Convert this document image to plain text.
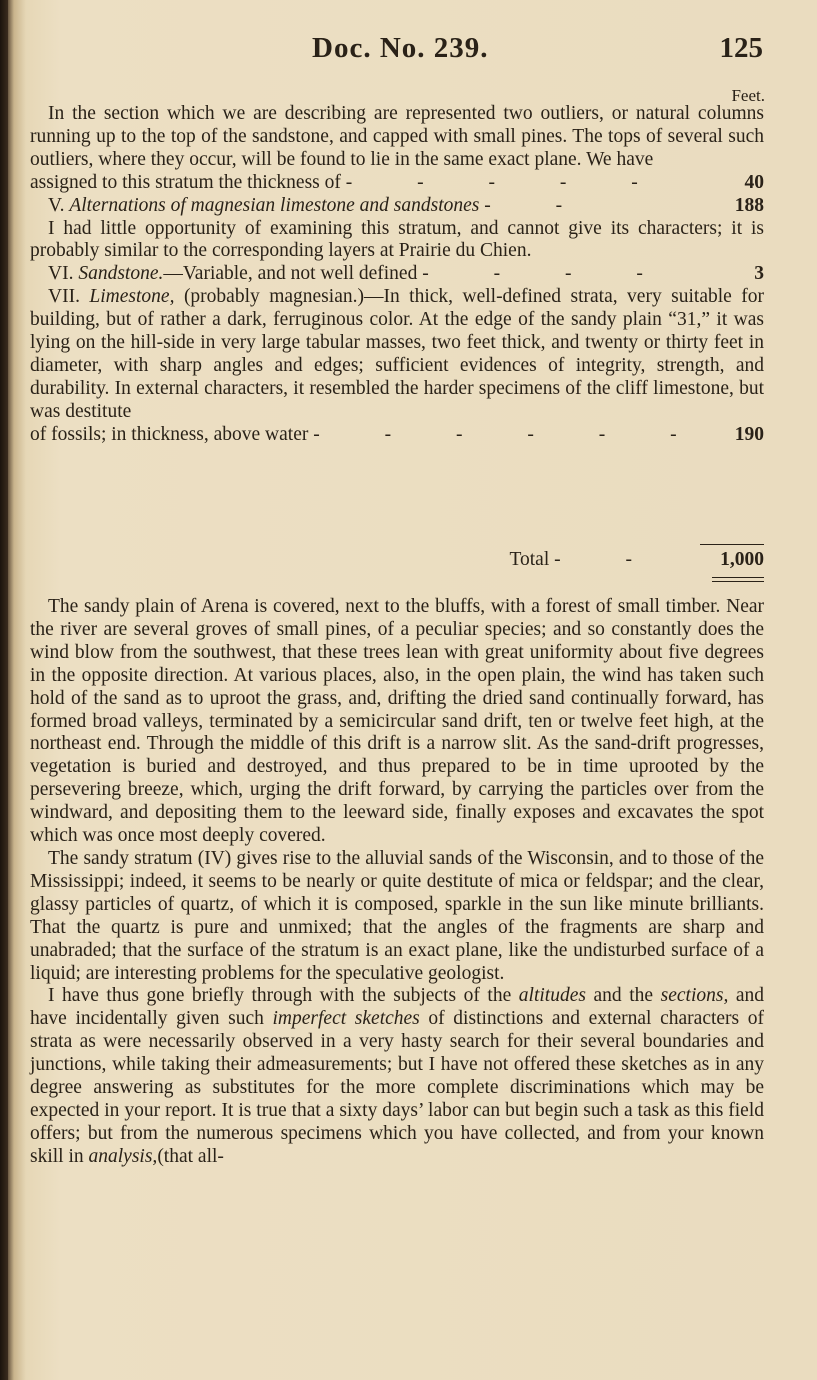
Doc. No. 239.	125
Feet.

In the section which we are describing are represented two outliers, or natural columns running up to the top of the sandstone, and capped with small pines. The tops of several such outliers, where they occur, will be found to lie in the same exact plane. We have

assigned to this stratum the thickness of - - - - -	40
V. Alternations of magnesian limestone and sandstones - -	188

I had little opportunity of examining this stratum, and cannot give its characters; it is probably similar to the corresponding layers at Prairie du Chien.

VI. Sandstone.—Variable, and not well defined - - - -	3

VII. Limestone, (probably magnesian.)—In thick, well-defined strata, very suitable for building, but of rather a dark, ferruginous color. At the edge of the sandy plain “31,” it was lying on the hill-side in very large tabular masses, two feet thick, and twenty or thirty feet in diameter, with sharp angles and edges; sufficient evidences of integrity, strength, and durability. In external characters, it resembled the harder specimens of the cliff limestone, but was destitute

of fossils; in thickness, above water - - - - - -	190
Total - -	1,000

The sandy plain of Arena is covered, next to the bluffs, with a forest of small timber. Near the river are several groves of small pines, of a peculiar species; and so constantly does the wind blow from the southwest, that these trees lean with great uniformity about five degrees in the opposite direction. At various places, also, in the open plain, the wind has taken such hold of the sand as to uproot the grass, and, drifting the dried sand continually forward, has formed broad valleys, terminated by a semicircular sand drift, ten or twelve feet high, at the northeast end. Through the middle of this drift is a narrow slit. As the sand-drift progresses, vegetation is buried and destroyed, and thus prepared to be in time uprooted by the persevering breeze, which, urging the drift forward, by carrying the particles over from the windward, and depositing them to the leeward side, finally exposes and excavates the spot which was once most deeply covered.

The sandy stratum (IV) gives rise to the alluvial sands of the Wisconsin, and to those of the Mississippi; indeed, it seems to be nearly or quite destitute of mica or feldspar; and the clear, glassy particles of quartz, of which it is composed, sparkle in the sun like minute brilliants. That the quartz is pure and unmixed; that the angles of the fragments are sharp and unabraded; that the surface of the stratum is an exact plane, like the undisturbed surface of a liquid; are interesting problems for the speculative geologist.

I have thus gone briefly through with the subjects of the altitudes and the sections, and have incidentally given such imperfect sketches of distinctions and external characters of strata as were necessarily observed in a very hasty search for their several boundaries and junctions, while taking their admeasurements; but I have not offered these sketches as in any degree answering as substitutes for the more complete discriminations which may be expected in your report. It is true that a sixty days’ labor can but begin such a task as this field offers; but from the numerous specimens which you have collected, and from your known skill in analysis,(that all-
